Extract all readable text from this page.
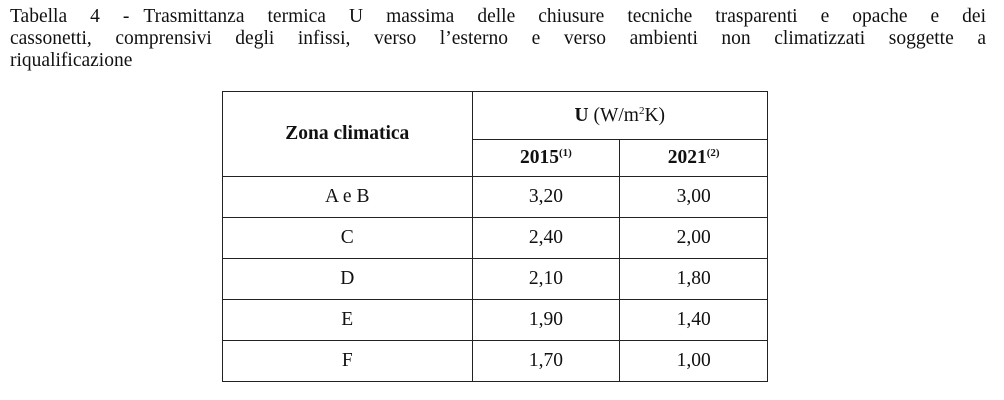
Tabella 4 - Trasmittanza termica U massima delle chiusure tecniche trasparenti e opache e dei
cassonetti, comprensivi degli infissi, verso l’esterno e verso ambienti non climatizzati soggette a
riqualificazione
Zona climatica	U $(W/m^2K)$	
	2015$^{(1)}$	2021$^{(2)}$
A e B	3,20	3,00
C	2,40	2,00
D	2,10	1,80
E	1,90	1,40
F	1,70	1,00
